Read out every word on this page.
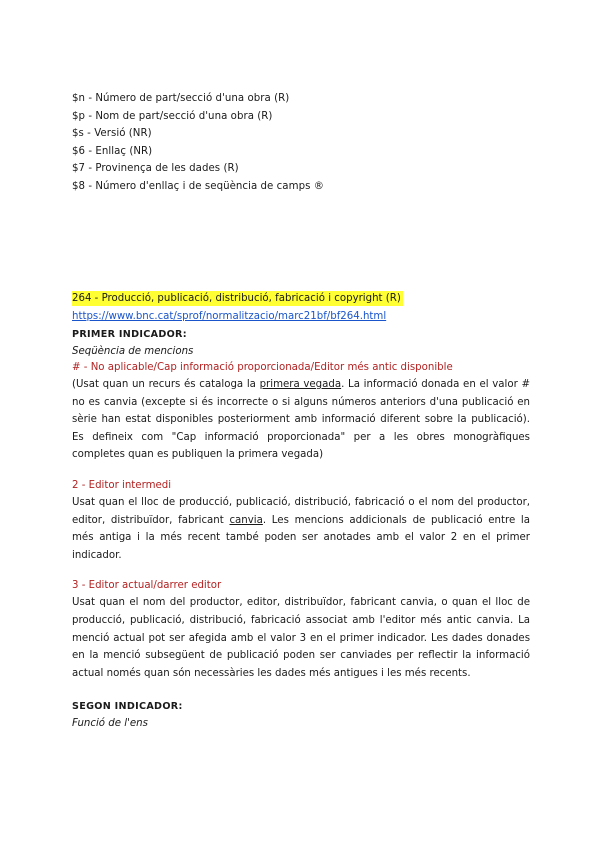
$n - Número de part/secció d'una obra (R)
$p - Nom de part/secció d'una obra (R)
$s - Versió (NR)
$6 - Enllaç (NR)
$7 - Provinença de les dades (R)
$8 - Número d'enllaç i de seqüència de camps ®
264 - Producció, publicació, distribució, fabricació i copyright (R)
https://www.bnc.cat/sprof/normalitzacio/marc21bf/bf264.html
PRIMER INDICADOR:
Seqüència de mencions
# - No aplicable/Cap informació proporcionada/Editor més antic disponible
(Usat quan un recurs és cataloga la primera vegada. La informació donada en el valor # no es canvia (excepte si és incorrecte o si alguns números anteriors d'una publicació en sèrie han estat disponibles posteriorment amb informació diferent sobre la publicació). Es defineix com "Cap informació proporcionada" per a les obres monogràfiques completes quan es publiquen la primera vegada)
2 - Editor intermedi
Usat quan el lloc de producció, publicació, distribució, fabricació o el nom del productor, editor, distribuïdor, fabricant canvia. Les mencions addicionals de publicació entre la més antiga i la més recent també poden ser anotades amb el valor 2 en el primer indicador.
3 - Editor actual/darrer editor
Usat quan el nom del productor, editor, distribuïdor, fabricant canvia, o quan el lloc de producció, publicació, distribució, fabricació associat amb l'editor més antic canvia. La menció actual pot ser afegida amb el valor 3 en el primer indicador. Les dades donades en la menció subsegüent de publicació poden ser canviades per reflectir la informació actual només quan són necessàries les dades més antigues i les més recents.
SEGON INDICADOR:
Funció de l'ens
